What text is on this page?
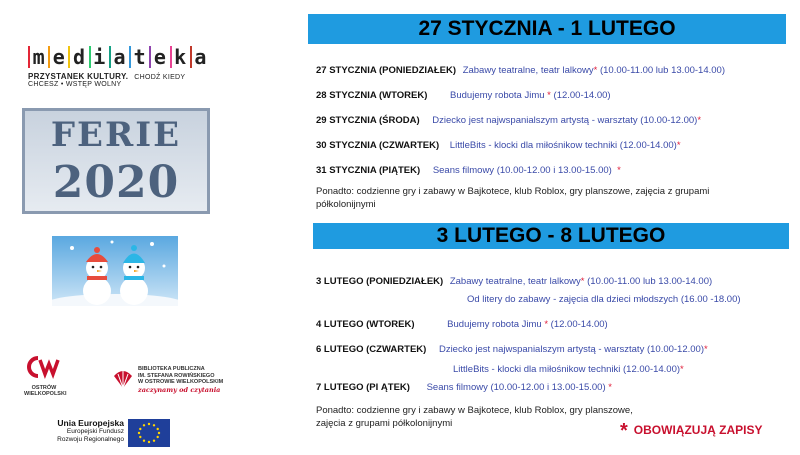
m e d i a t e k a
PRZYSTANEK KULTURY. CHODŹ KIEDY CHCESZ • WSTĘP WOLNY
FERIE
2020
OSTRÓW WIELKOPOLSKI
BIBLIOTEKA PUBLICZNA
IM. STEFANA ROWIŃSKIEGO
W OSTROWIE WIELKOPOLSKIM
zaczynamy od czytania
Unia Europejska
Europejski Fundusz
Rozwoju Regionalnego
27 STYCZNIA - 1 LUTEGO
27 STYCZNIA (PONIEDZIAŁEK) Zabawy teatralne, teatr lalkowy* (10.00-11.00 lub 13.00-14.00)
28 STYCZNIA (WTOREK) Budujemy robota Jimu * (12.00-14.00)
29 STYCZNIA (ŚRODA) Dziecko jest najwspanialszym artystą - warsztaty (10.00-12.00)*
30 STYCZNIA (CZWARTEK) LittleBits - klocki dla miłośnikow techniki (12.00-14.00)*
31 STYCZNIA (PIĄTEK) Seans filmowy (10.00-12.00 i 13.00-15.00)  *
Ponadto: codzienne gry i zabawy w Bajkotece, klub Roblox, gry planszowe, zajęcia z grupami półkolonijnymi
3 LUTEGO - 8 LUTEGO
3 LUTEGO (PONIEDZIAŁEK) Zabawy teatralne, teatr lalkowy* (10.00-11.00 lub 13.00-14.00)
Od litery do zabawy - zajęcia dla dzieci młodszych (16.00 -18.00)
4 LUTEGO (WTOREK)	Budujemy robota Jimu * (12.00-14.00)
6 LUTEGO (CZWARTEK) Dziecko jest najwspanialszym artystą - warsztaty (10.00-12.00)*
LittleBits - klocki dla miłośnikow techniki (12.00-14.00)*
7 LUTEGO (PI ĄTEK) Seans filmowy (10.00-12.00 i 13.00-15.00) *
Ponadto: codzienne gry i zabawy w Bajkotece, klub Roblox, gry planszowe,
zajęcia z grupami półkolonijnymi	* OBOWIĄZUJĄ ZAPISY
